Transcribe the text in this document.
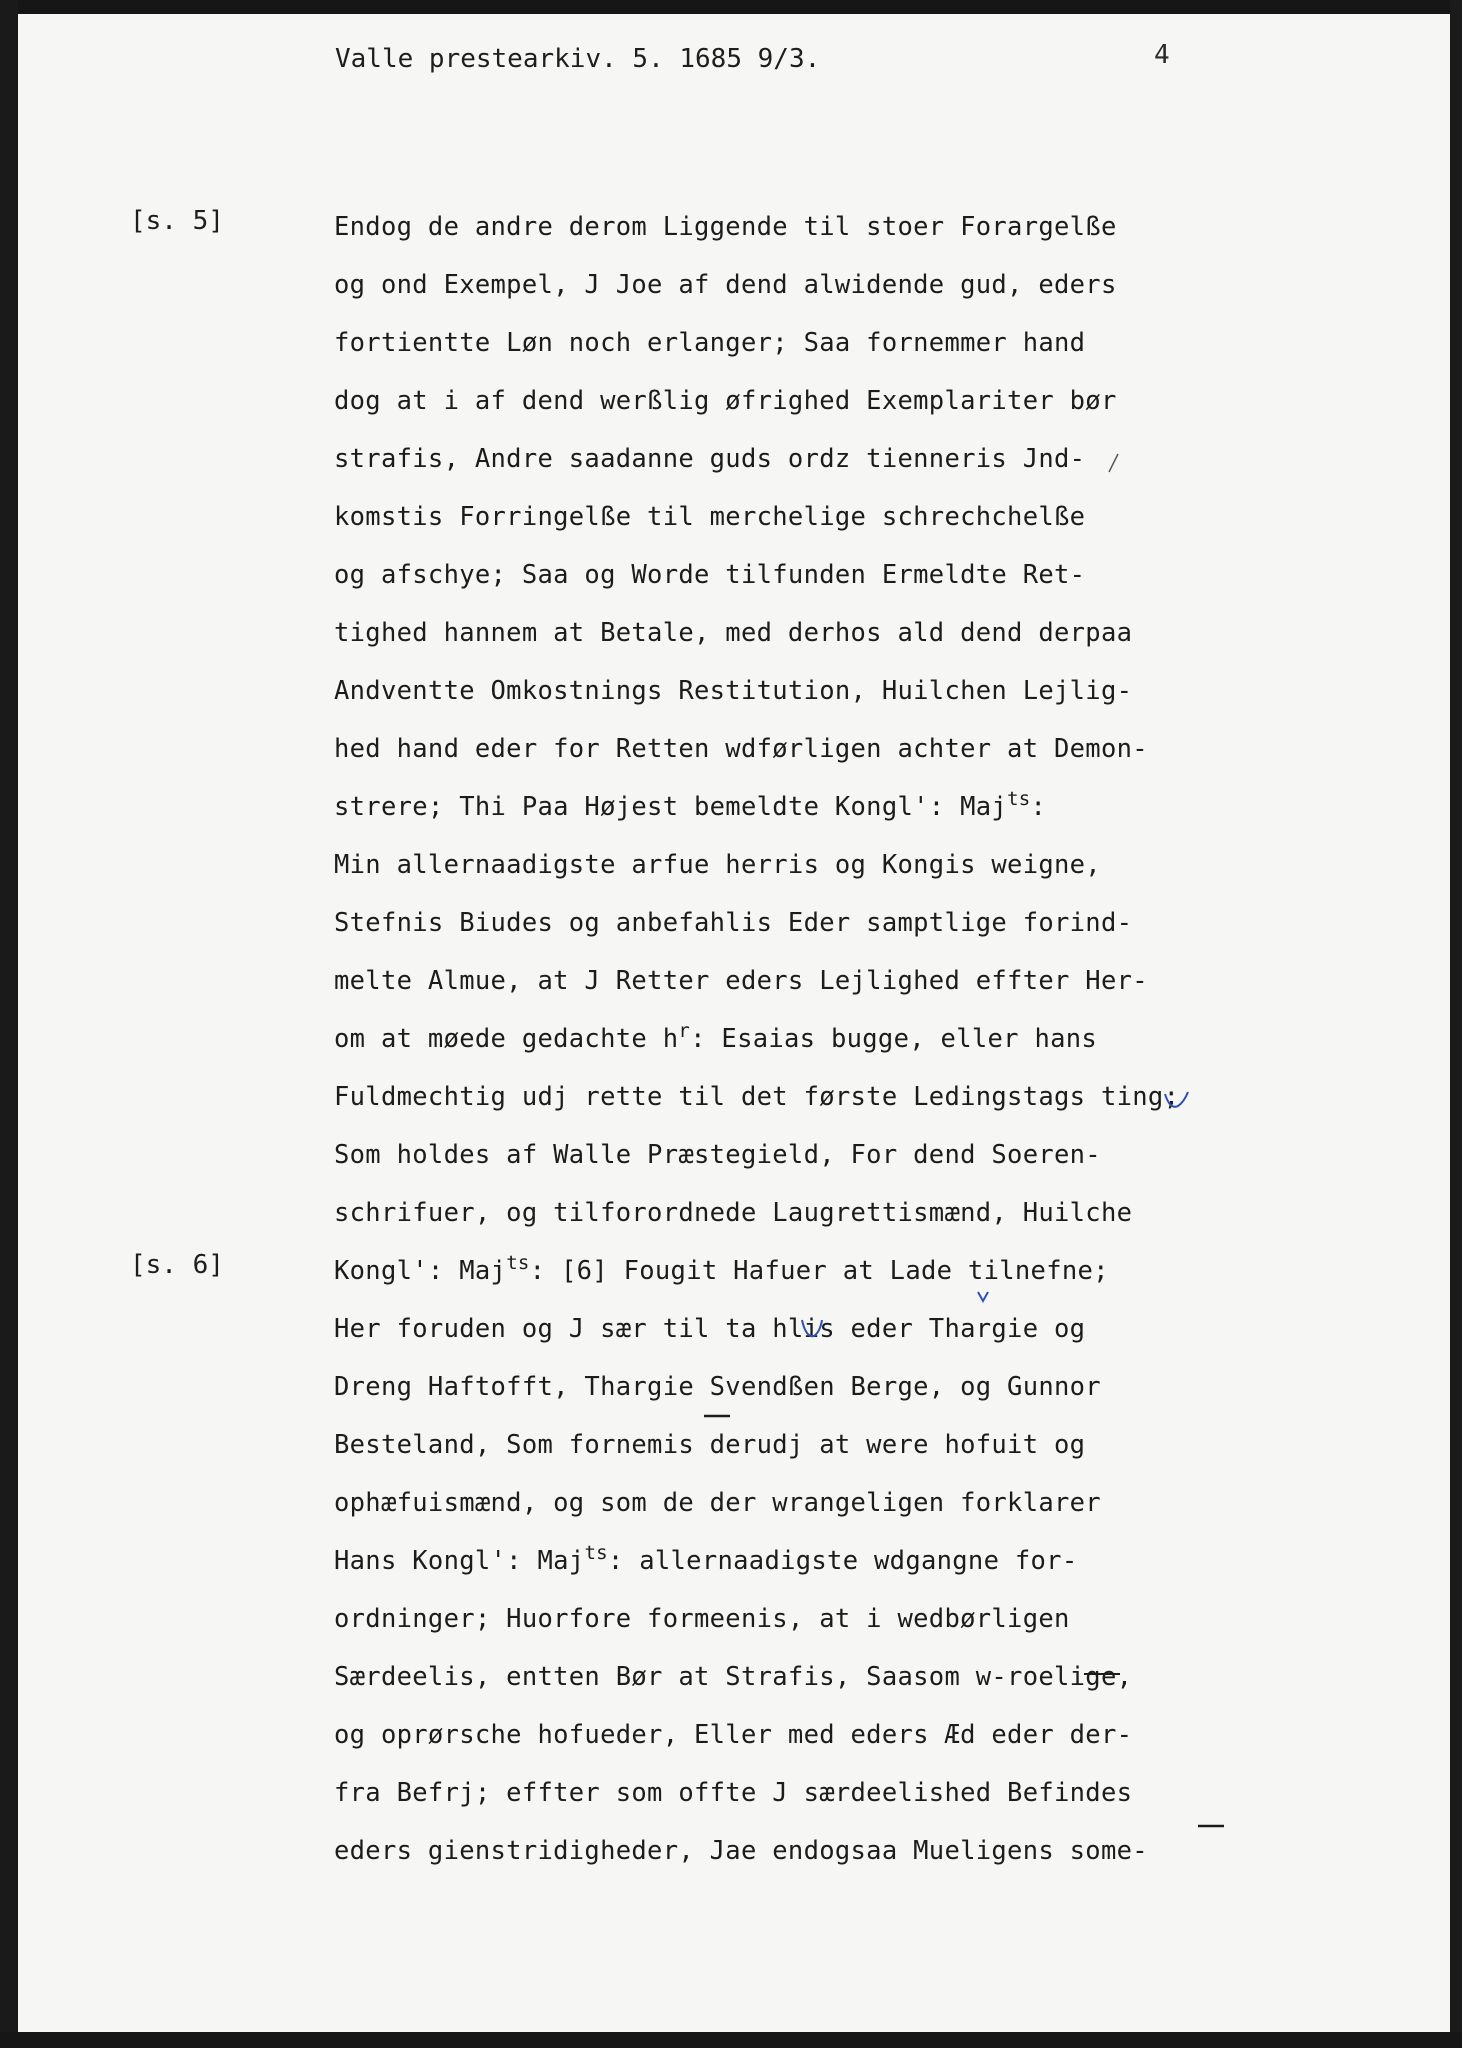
Valle prestearkiv. 5. 1685 9/3.	4
[s. 5]
[s. 6]
Endog de andre derom Liggende til stoer Forargelße
og ond Exempel, J Joe af dend alwidende gud, eders
fortientte Løn noch erlanger; Saa fornemmer hand
dog at i af dend werßlig øfrighed Exemplariter bør
strafis, Andre saadanne guds ordz tienneris Jnd-
komstis Forringelße til merchelige schrechchelße
og afschye; Saa og Worde tilfunden Ermeldte Ret-
tighed hannem at Betale, med derhos ald dend derpaa
Andventte Omkostnings Restitution, Huilchen Lejlig-
hed hand eder for Retten wdførligen achter at Demon-
strere; Thi Paa Højest bemeldte Kongl': Maj$^{ts}$:
Min allernaadigste arfue herris og Kongis weigne,
Stefnis Biudes og anbefahlis Eder samptlige forind-
melte Almue, at J Retter eders Lejlighed effter Her-
om at møede gedachte $h^r$: Esaias bugge, eller hans
Fuldmechtig udj rette til det første Ledingstags ting;
Som holdes af Walle Præstegield, For dend Soeren-
schrifuer, og tilforordnede Laugrettismænd, Huilche
Kongl': Maj$^{ts}$: [6] Fougit Hafuer at Lade tilnefne;
Her foruden og J sær til ta hlis eder Thargie og
Dreng Haftofft, Thargie Svendßen Berge, og Gunnor
Besteland, Som fornemis derudj at were hofuit og
ophæfuismænd, og som de der wrangeligen forklarer
Hans Kongl': Maj$^{ts}$: allernaadigste wdgangne for-
ordninger; Huorfore formeenis, at i wedbørligen
Særdeelis, entten Bør at Strafis, Saasom w-roelige,
og oprørsche hofueder, Eller med eders Æd eder der-
fra Befrj; effter som offte J særdeelished Befindes
eders gienstridigheder, Jae endogsaa Mueligens some-
